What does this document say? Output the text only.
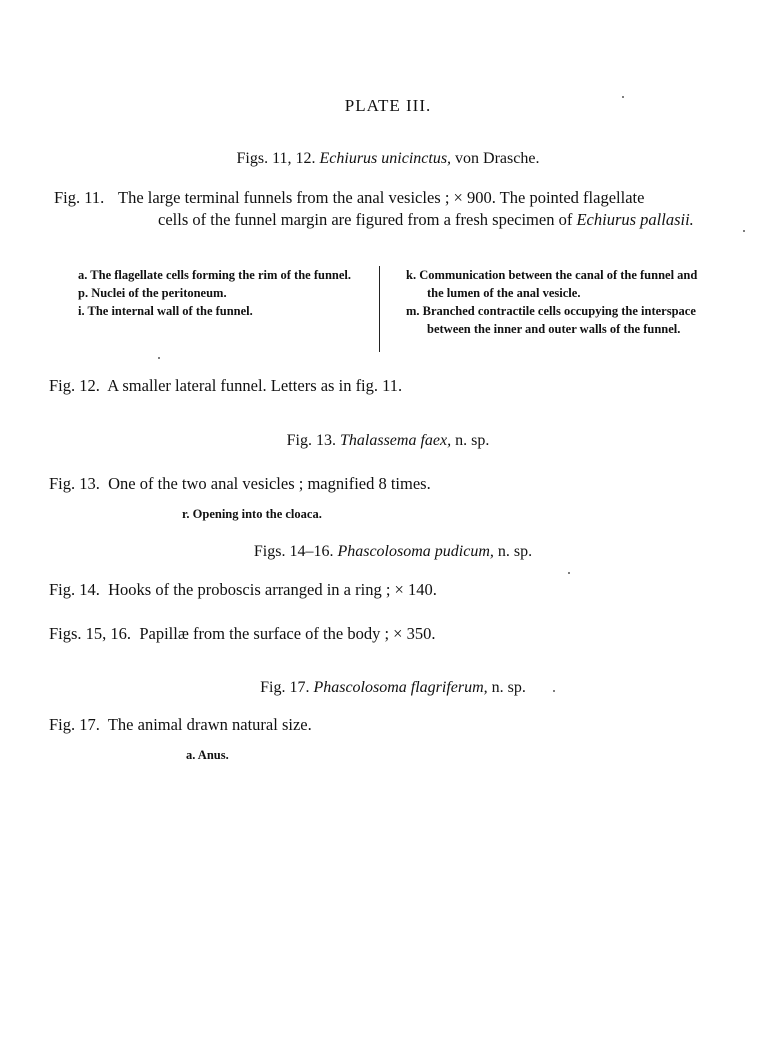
PLATE III.
Figs. 11, 12. Echiurus unicinctus, von Drasche.
Fig. 11. The large terminal funnels from the anal vesicles ; × 900. The pointed flagellate
cells of the funnel margin are figured from a fresh specimen of Echiurus pallasii.
a. The flagellate cells forming the rim of the funnel.
p. Nuclei of the peritoneum.
i. The internal wall of the funnel.
k. Communication between the canal of the funnel and the lumen of the anal vesicle.
m. Branched contractile cells occupying the interspace between the inner and outer walls of the funnel.
Fig. 12. A smaller lateral funnel. Letters as in fig. 11.
Fig. 13. Thalassema faex, n. sp.
Fig. 13. One of the two anal vesicles ; magnified 8 times.
r. Opening into the cloaca.
Figs. 14–16. Phascolosoma pudicum, n. sp.
Fig. 14. Hooks of the proboscis arranged in a ring ; × 140.
Figs. 15, 16. Papillæ from the surface of the body ; × 350.
Fig. 17. Phascolosoma flagriferum, n. sp.
Fig. 17. The animal drawn natural size.
a. Anus.
